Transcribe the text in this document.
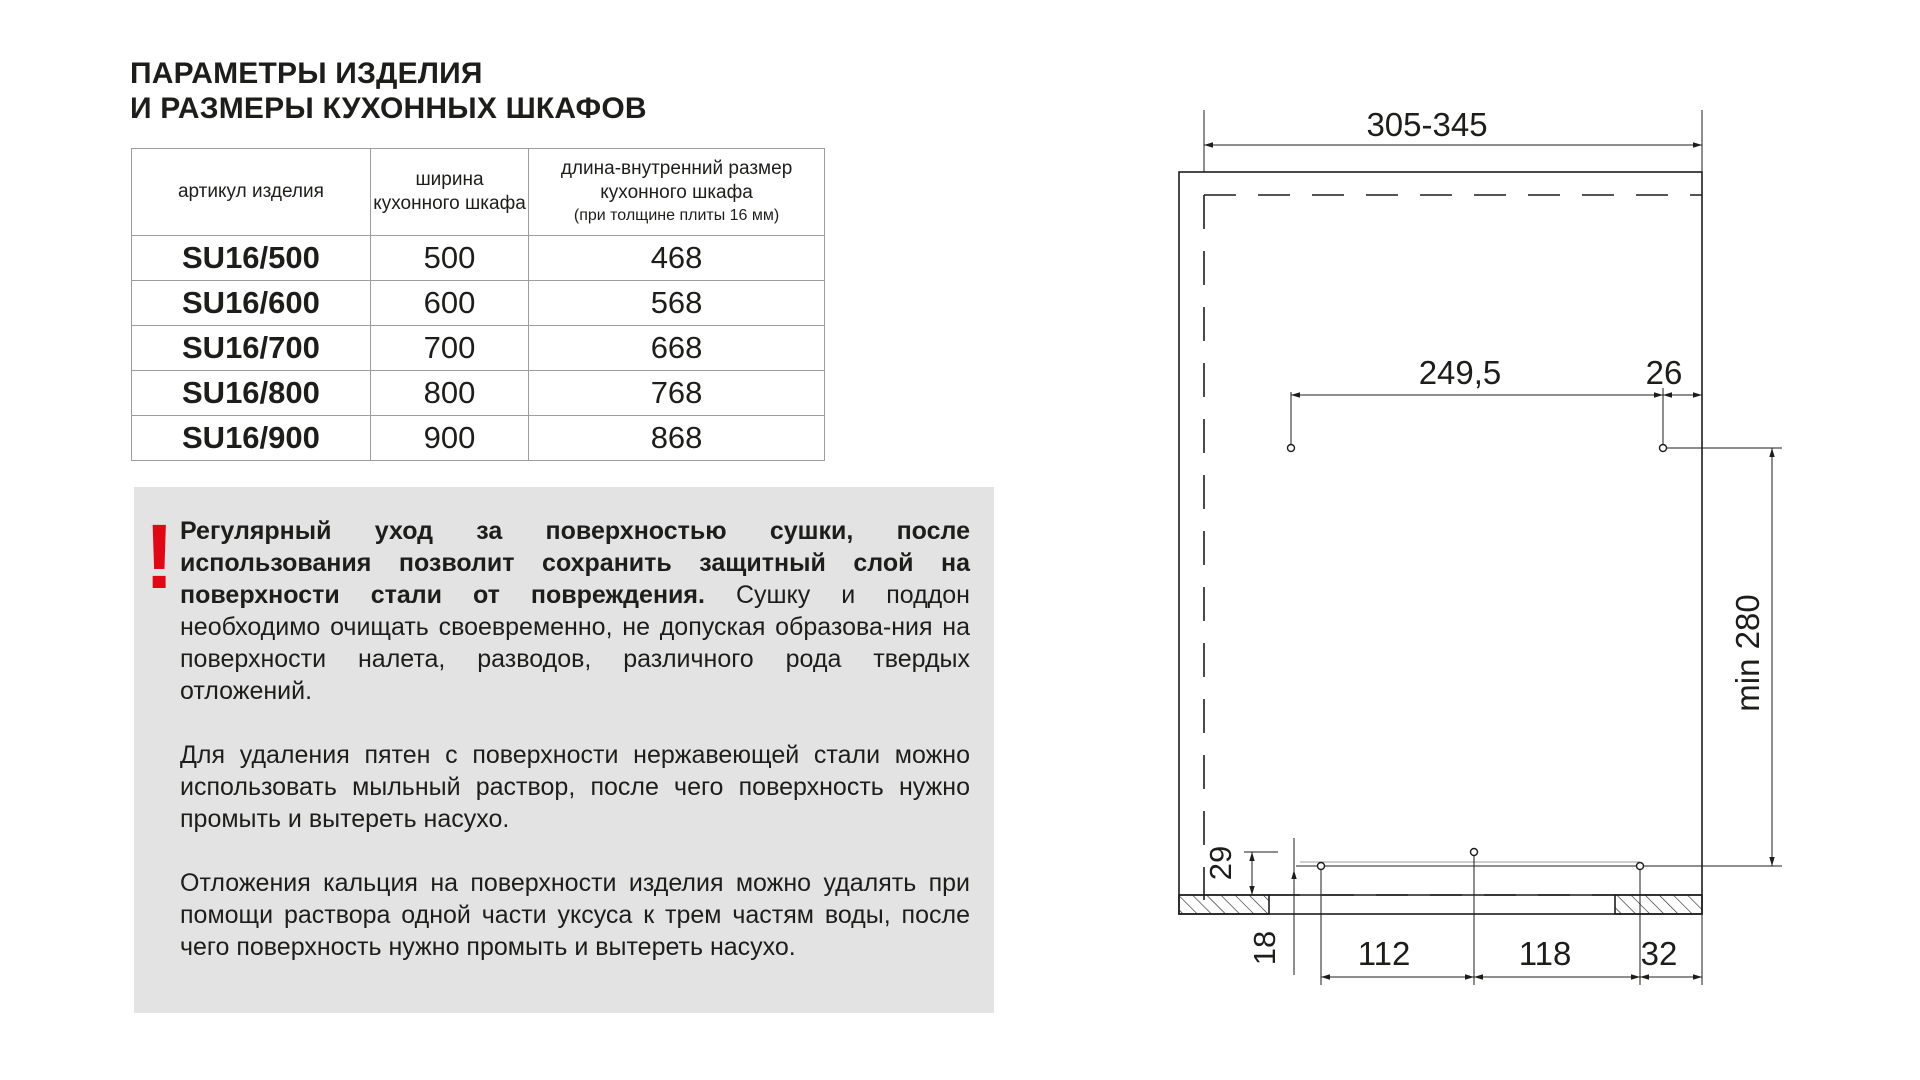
ПАРАМЕТРЫ ИЗДЕЛИЯ
И РАЗМЕРЫ КУХОННЫХ ШКАФОВ
артикул изделия	ширина кухонного шкафа	длина-внутренний размер кухонного шкафа
(при толщине плиты 16 мм)

SU16/500	500	468
SU16/600	600	568
SU16/700	700	668
SU16/800	800	768
SU16/900	900	868
! Регулярный уход за поверхностью сушки, после использования позволит сохранить защитный слой на поверхности стали от повреждения. Сушку и поддон необходимо очищать своевременно, не допуская образова-ния на поверхности налета, разводов, различного рода твердых отложений.

Для удаления пятен с поверхности нержавеющей стали можно использовать мыльный раствор, после чего поверхность нужно промыть и вытереть насухо.

Отложения кальция на поверхности изделия можно удалять при помощи раствора одной части уксуса к трем частям воды, после чего поверхность нужно промыть и вытереть насухо.

305-345
249,5	26
min 280
29
18 112	118 32
